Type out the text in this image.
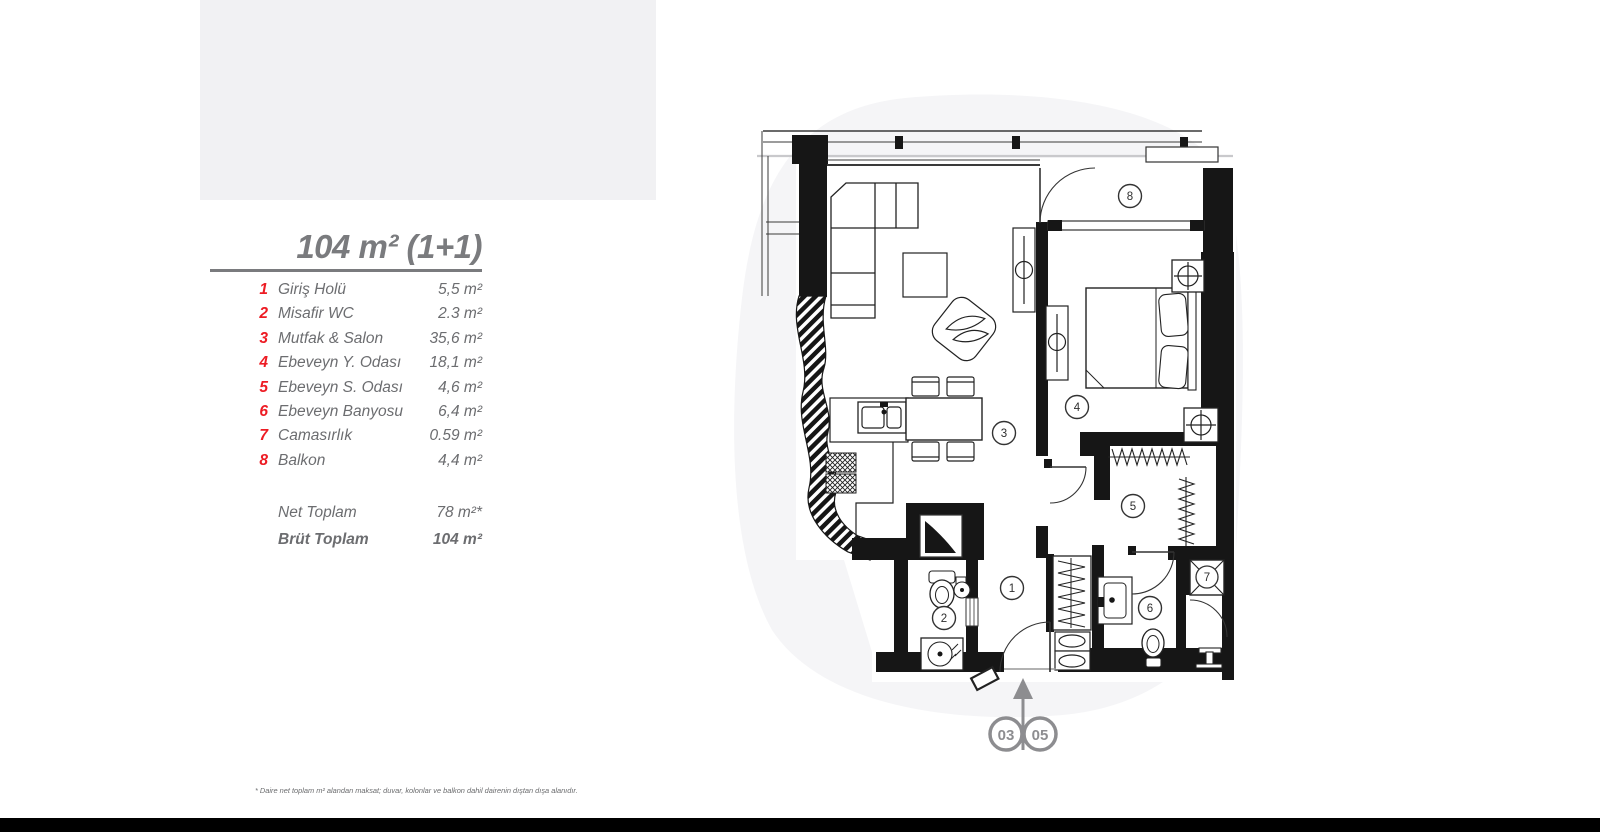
104 m² (1+1)
1 Giriş Holü	5,5 m²
2 Misafir WC	2.3 m²
3 Mutfak & Salon	35,6 m²
4 Ebeveyn Y. Odası	18,1 m²
5 Ebeveyn S. Odası	4,6 m²
6 Ebeveyn Banyosu	6,4 m²
7 Camasırlık	0.59 m²
8 Balkon	4,4 m²
Net Toplam	78 m²*
Brüt Toplam	104 m²
* Daire net toplam m² alandan maksat; duvar, kolonlar ve balkon dahil dairenin dıştan dışa alanıdır.
03 05
1
2
3
4
5
6
7
8
